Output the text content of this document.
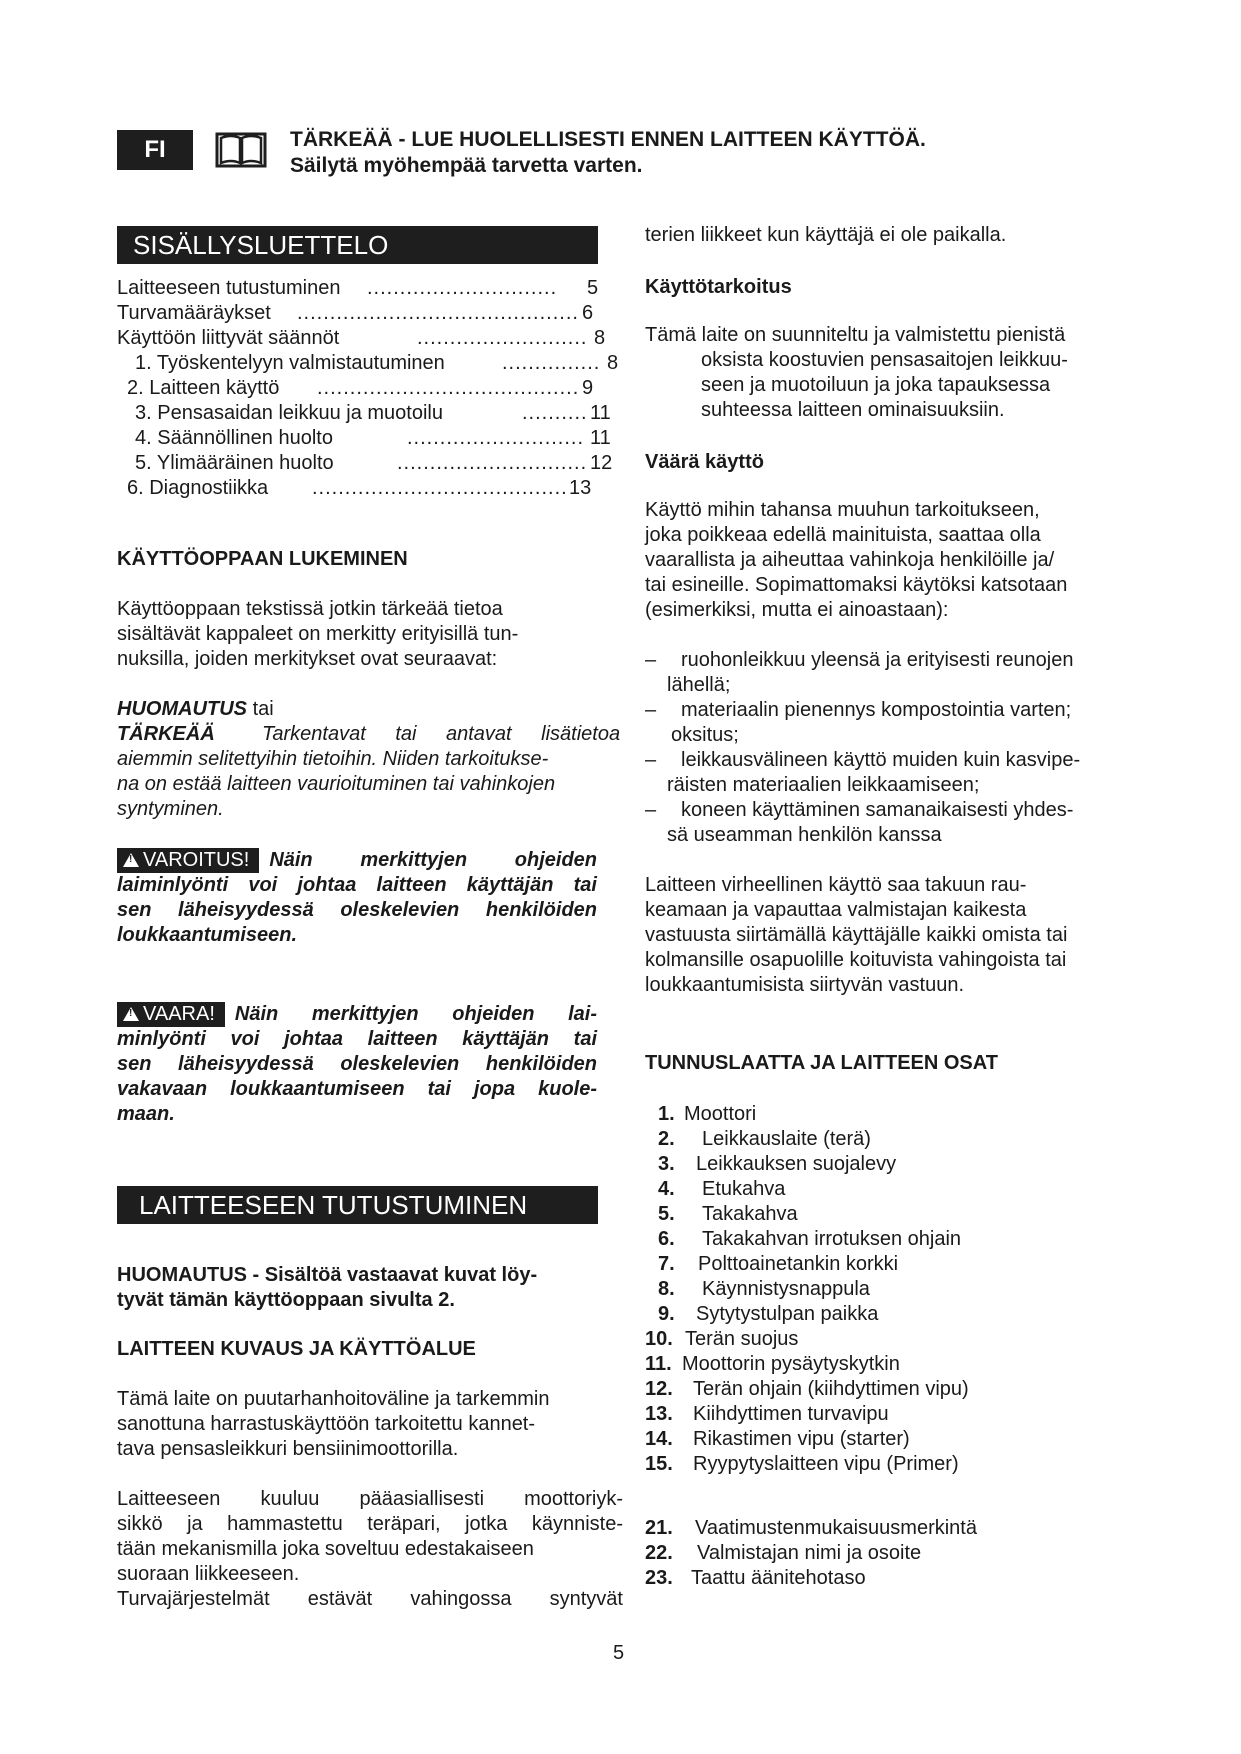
FI	TÄRKEÄÄ - LUE HUOLELLISESTI ENNEN LAITTEEN KÄYTTÖÄ.
Säilytä myöhempää tarvetta varten.
SISÄLLYSLUETTELO
Laitteeseen tutustuminen ............................. 5
Turvamääräykset ........................................... 6
Käyttöön liittyvät säännöt	.......................... 8
1. Työskentelyyn valmistautuminen	............... 8
2. Laitteen käyttö ........................................ 9
3. Pensasaidan leikkuu ja muotoilu	.......... 11
4. Säännöllinen huolto	........................... 11
5. Ylimääräinen huolto	............................. 12
6. Diagnostiikka ....................................... 13
KÄYTTÖOPPAAN LUKEMINEN
Käyttöoppaan tekstissä jotkin tärkeää tietoa
sisältävät kappaleet on merkitty erityisillä tun-
nuksilla, joiden merkitykset ovat seuraavat:
HUOMAUTUS tai
TÄRKEÄÄ Tarkentavat tai antavat lisätietoa
aiemmin selitettyihin tietoihin. Niiden tarkoitukse-
na on estää laitteen vaurioituminen tai vahinkojen
syntyminen.
!VAROITUS! Näin merkittyjen ohjeiden
laiminlyönti voi johtaa laitteen käyttäjän tai
sen läheisyydessä oleskelevien henkilöiden
loukkaantumiseen.
!VAARA! Näin merkittyjen ohjeiden lai-
minlyönti voi johtaa laitteen käyttäjän tai
sen läheisyydessä oleskelevien henkilöiden
vakavaan loukkaantumiseen tai jopa kuole-
maan.
LAITTEESEEN TUTUSTUMINEN
HUOMAUTUS - Sisältöä vastaavat kuvat löy-
tyvät tämän käyttöoppaan sivulta 2.
LAITTEEN KUVAUS JA KÄYTTÖALUE
Tämä laite on puutarhanhoitoväline ja tarkemmin
sanottuna harrastuskäyttöön tarkoitettu kannet-
tava pensasleikkuri bensiinimoottorilla.
Laitteeseen kuuluu pääasiallisesti moottoriyk-
sikkö ja hammastettu teräpari, jotka käynniste-
tään mekanismilla joka soveltuu edestakaiseen
suoraan liikkeeseen.
Turvajärjestelmät estävät vahingossa syntyvät
terien liikkeet kun käyttäjä ei ole paikalla.
Käyttötarkoitus
Tämä laite on suunniteltu ja valmistettu pienistä
oksista koostuvien pensasaitojen leikkuu-
seen ja muotoiluun ja joka tapauksessa
suhteessa laitteen ominaisuuksiin.
Väärä käyttö
Käyttö mihin tahansa muuhun tarkoitukseen,
joka poikkeaa edellä mainituista, saattaa olla
vaarallista ja aiheuttaa vahinkoja henkilöille ja/
tai esineille. Sopimattomaksi käytöksi katsotaan
(esimerkiksi, mutta ei ainoastaan):
– ruohonleikkuu yleensä ja erityisesti reunojen
lähellä;
– materiaalin pienennys kompostointia varten;
oksitus;
– leikkausvälineen käyttö muiden kuin kasvipe-
räisten materiaalien leikkaamiseen;
– koneen käyttäminen samanaikaisesti yhdes-
sä useamman henkilön kanssa
Laitteen virheellinen käyttö saa takuun rau-
keamaan ja vapauttaa valmistajan kaikesta
vastuusta siirtämällä käyttäjälle kaikki omista tai
kolmansille osapuolille koituvista vahingoista tai
loukkaantumisista siirtyvän vastuun.
TUNNUSLAATTA JA LAITTEEN OSAT
1. Moottori
2. Leikkauslaite (terä)
3. Leikkauksen suojalevy
4. Etukahva
5. Takakahva
6. Takakahvan irrotuksen ohjain
7. Polttoainetankin korkki
8. Käynnistysnappula
9. Sytytystulpan paikka
10. Terän suojus
11. Moottorin pysäytyskytkin
12. Terän ohjain (kiihdyttimen vipu)
13. Kiihdyttimen turvavipu
14. Rikastimen vipu (starter)
15. Ryypytyslaitteen vipu (Primer)
21. Vaatimustenmukaisuusmerkintä
22. Valmistajan nimi ja osoite
23. Taattu äänitehotaso
5
